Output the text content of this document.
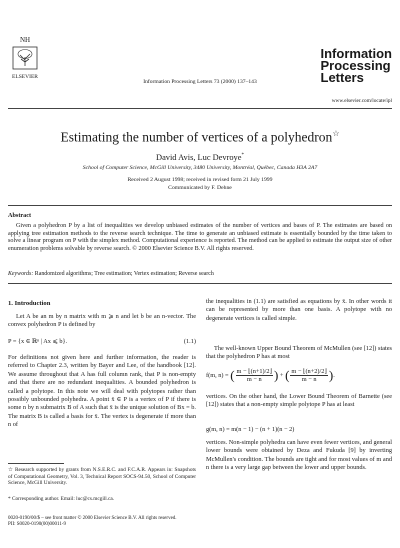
NH
ELSEVIER
Information Processing Letters 73 (2000) 137–143
Information
Processing
Letters
www.elsevier.com/locate/ipl
Estimating the number of vertices of a polyhedron☆
David Avis, Luc Devroye*
School of Computer Science, McGill University, 3480 University, Montréal, Québec, Canada H3A 2A7
Received 2 August 1998; received in revised form 21 July 1999
Communicated by F. Dehne
Abstract
Given a polyhedron P by a list of inequalities we develop unbiased estimates of the number of vertices and bases of P. The estimates are based on applying tree estimation methods to the reverse search technique. The time to generate an unbiased estimate is essentially bounded by the time taken to solve a linear program on P with the simplex method. Computational experience is reported. The method can be applied to estimate the output size of other enumeration problems solvable by reverse search. © 2000 Elsevier Science B.V. All rights reserved.
Keywords: Randomized algorithms; Tree estimation; Vertex estimation; Reverse search
1. Introduction
Let A be an m by n matrix with m ⩾ n and let b be an n-vector. The convex polyhedron P is defined by
P = {x ∈ ℝⁿ | Ax ⩽ b}.	(1.1)
For definitions not given here and further information, the reader is referred to Chapter 2.3, written by Bayer and Lee, of the handbook [12]. We assume throughout that A has full column rank, that P is non-empty and that there are no redundant inequalities. A bounded polyhedron is called a polytope. In this note we will deal with polytopes rather than possibly unbounded polyhedra. A point x̄ ∈ P is a vertex of P if there is some n by n submatrix B of A such that x̄ is the unique solution of Bx = b. The matrix B is called a basis for x̄. The vertex is degenerate if more than n of
the inequalities in (1.1) are satisfied as equations by x̄. In other words it can be represented by more than one basis. A polytope with no degenerate vertices is called simple.
The well-known Upper Bound Theorem of McMullen (see [12]) states that the polyhedron P has at most
f(m, n) = ( $\frac{m - ⌊(n+1)/2⌋}{m - n}$ ) + ( $\frac{m - ⌊(n+2)/2⌋}{m - n}$ ).
vertices. On the other hand, the Lower Bound Theorem of Barnette (see [12]) states that a non-empty simple polytope P has at least
g(m, n) = m(n − 1) − (n + 1)(n − 2)
vertices. Non-simple polyhedra can have even fewer vertices, and general lower bounds were obtained by Deza and Fukuda [9] by inverting McMullen's condition. The bounds are tight and for most values of m and n there is a very large gap between the lower and upper bounds.
☆ Research supported by grants from N.S.E.R.C. and F.C.A.R. Appears in: Snapshots of Computational Geometry, Vol. 3, Technical Report SOCS-94.50, School of Computer Science, McGill University.
* Corresponding author. Email: luc@cs.mcgill.ca.
0020-0190/00/$ – see front matter © 2000 Elsevier Science B.V. All rights reserved.
PII: S0020-0190(00)00011-9
